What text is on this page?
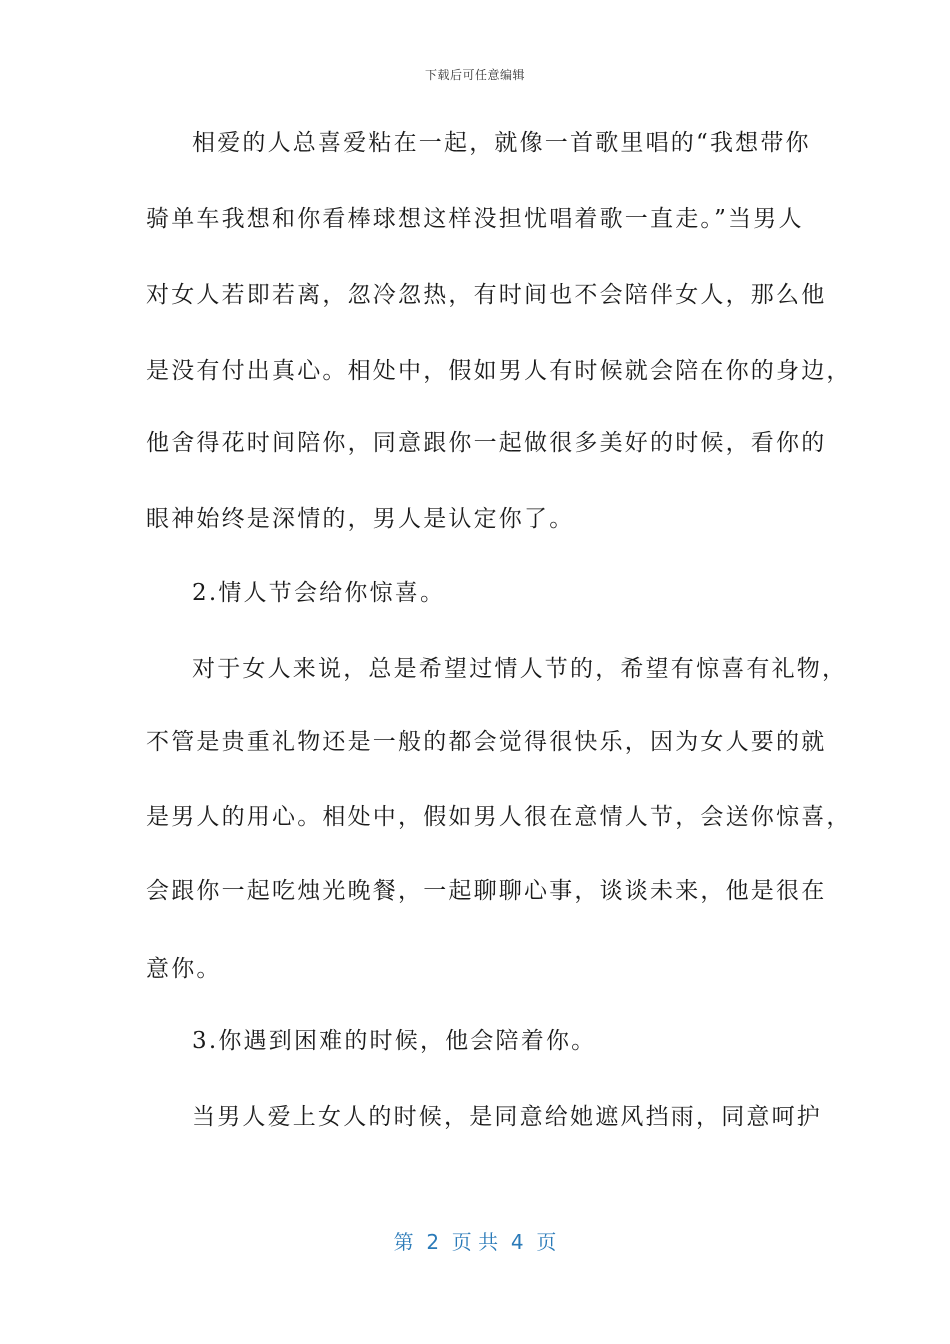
下载后可任意编辑
相爱的人总喜爱粘在一起，就像一首歌里唱的“我想带你
骑单车我想和你看棒球想这样没担忧唱着歌一直走。”当男人
对女人若即若离，忽冷忽热，有时间也不会陪伴女人，那么他
是没有付出真心。相处中，假如男人有时候就会陪在你的身边，
他舍得花时间陪你，同意跟你一起做很多美好的时候，看你的
眼神始终是深情的，男人是认定你了。
2.情人节会给你惊喜。
对于女人来说，总是希望过情人节的，希望有惊喜有礼物，
不管是贵重礼物还是一般的都会觉得很快乐，因为女人要的就
是男人的用心。相处中，假如男人很在意情人节，会送你惊喜，
会跟你一起吃烛光晚餐，一起聊聊心事，谈谈未来，他是很在
意你。
3.你遇到困难的时候，他会陪着你。
当男人爱上女人的时候，是同意给她遮风挡雨，同意呵护
第  2  页 共  4  页
